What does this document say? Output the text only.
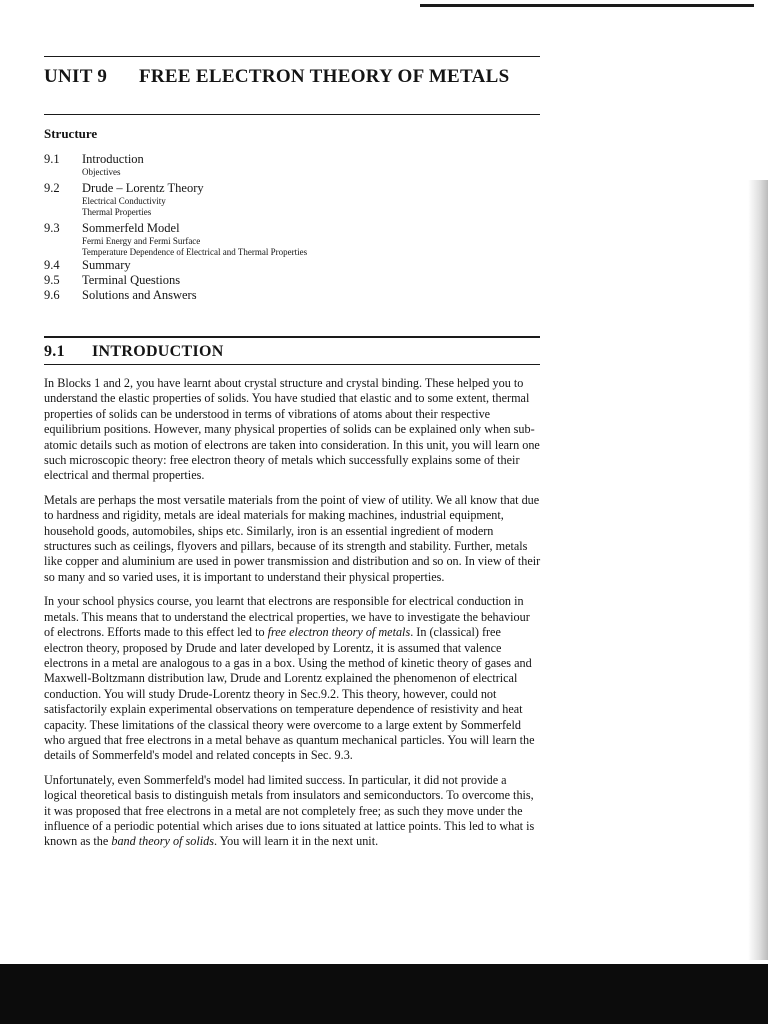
UNIT 9 FREE ELECTRON THEORY OF METALS
Structure
9.1 Introduction
Objectives
9.2 Drude – Lorentz Theory
Electrical Conductivity
Thermal Properties
9.3 Sommerfeld Model
Fermi Energy and Fermi Surface
Temperature Dependence of Electrical and Thermal Properties
9.4 Summary
9.5 Terminal Questions
9.6 Solutions and Answers
9.1 INTRODUCTION

In Blocks 1 and 2, you have learnt about crystal structure and crystal binding. These helped you to understand the elastic properties of solids. You have studied that elastic and to some extent, thermal properties of solids can be understood in terms of vibrations of atoms about their respective equilibrium positions. However, many physical properties of solids can be explained only when sub-atomic details such as motion of electrons are taken into consideration. In this unit, you will learn one such microscopic theory: free electron theory of metals which successfully explains some of their electrical and thermal properties.

Metals are perhaps the most versatile materials from the point of view of utility. We all know that due to hardness and rigidity, metals are ideal materials for making machines, industrial equipment, household goods, automobiles, ships etc. Similarly, iron is an essential ingredient of modern structures such as ceilings, flyovers and pillars, because of its strength and stability. Further, metals like copper and aluminium are used in power transmission and distribution and so on. In view of their so many and so varied uses, it is important to understand their physical properties.

In your school physics course, you learnt that electrons are responsible for electrical conduction in metals. This means that to understand the electrical properties, we have to investigate the behaviour of electrons. Efforts made to this effect led to free electron theory of metals. In (classical) free electron theory, proposed by Drude and later developed by Lorentz, it is assumed that valence electrons in a metal are analogous to a gas in a box. Using the method of kinetic theory of gases and Maxwell-Boltzmann distribution law, Drude and Lorentz explained the phenomenon of electrical conduction. You will study Drude-Lorentz theory in Sec.9.2. This theory, however, could not satisfactorily explain experimental observations on temperature dependence of resistivity and heat capacity. These limitations of the classical theory were overcome to a large extent by Sommerfeld who argued that free electrons in a metal behave as quantum mechanical particles. You will learn the details of Sommerfeld's model and related concepts in Sec. 9.3.

Unfortunately, even Sommerfeld's model had limited success. In particular, it did not provide a logical theoretical basis to distinguish metals from insulators and semiconductors. To overcome this, it was proposed that free electrons in a metal are not completely free; as such they move under the influence of a periodic potential which arises due to ions situated at lattice points. This led to what is known as the band theory of solids. You will learn it in the next unit.
